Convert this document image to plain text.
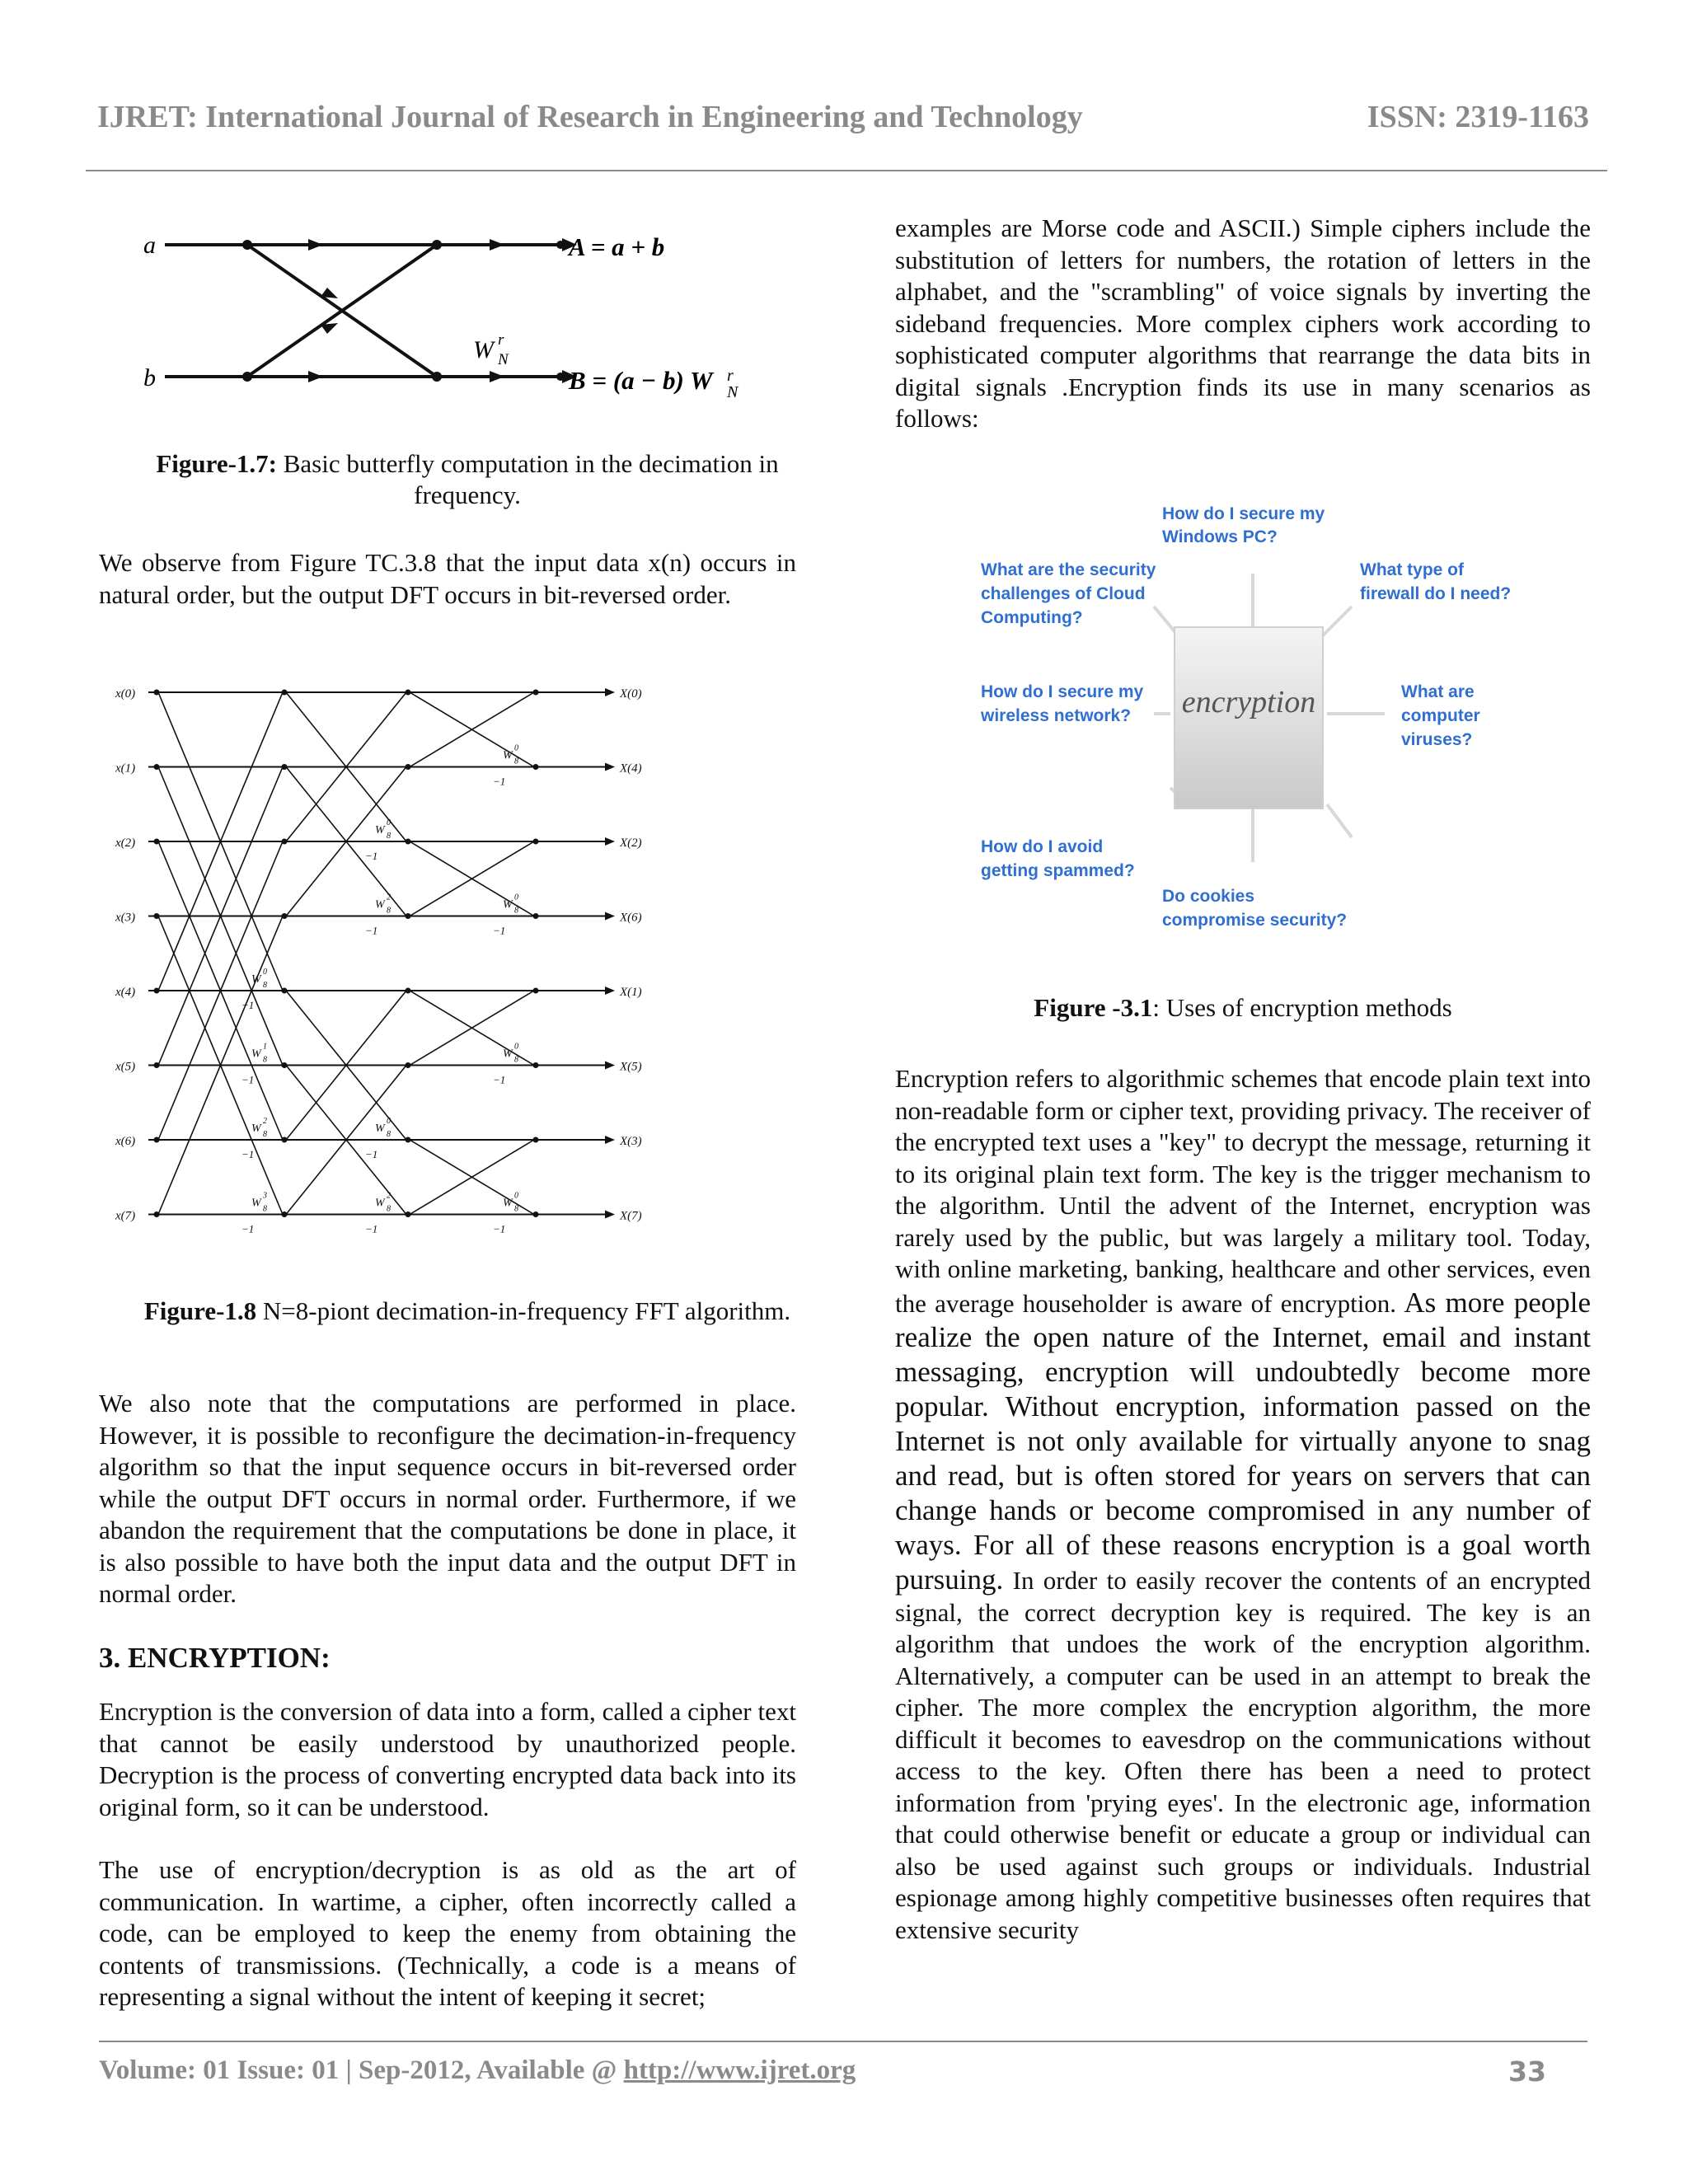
IJRET: International Journal of Research in Engineering and Technology	ISSN: 2319-1163
a
b
A = a + b
B = (a − b) W r
N
W r
N
Figure-1.7: Basic butterfly computation in the decimation in frequency.

We observe from Figure TC.3.8 that the input data x(n) occurs in natural order, but the output DFT occurs in bit-reversed order.

x(0)	X(0)
x(1)	X(4)
x(2)	X(2)
x(3)	X(6)
x(4)	X(1)
x(5)	X(5)
x(6)	X(3)
x(7)	X(7)
W
0
8
−1
W
1
8
−1
W
2
8
−1
W
3
8
−1
W
0
8
−1
W
2
8
−1
W
0
8
−1
W
2
8
−1
W
0
8
−1
W
0
8
−1
W
0
8
−1
W
0
8
−1
Figure-1.8 N=8-piont decimation-in-frequency FFT algorithm.

We also note that the computations are performed in place. However, it is possible to reconfigure the decimation-in-frequency algorithm so that the input sequence occurs in bit-reversed order while the output DFT occurs in normal order. Furthermore, if we abandon the requirement that the computations be done in place, it is also possible to have both the input data and the output DFT in normal order.

3. ENCRYPTION:

Encryption is the conversion of data into a form, called a cipher text that cannot be easily understood by unauthorized people. Decryption is the process of converting encrypted data back into its original form, so it can be understood.

The use of encryption/decryption is as old as the art of communication. In wartime, a cipher, often incorrectly called a code, can be employed to keep the enemy from obtaining the contents of transmissions. (Technically, a code is a means of representing a signal without the intent of keeping it secret;

examples are Morse code and ASCII.) Simple ciphers include the substitution of letters for numbers, the rotation of letters in the alphabet, and the "scrambling" of voice signals by inverting the sideband frequencies. More complex ciphers work according to sophisticated computer algorithms that rearrange the data bits in digital signals .Encryption finds its use in many scenarios as follows:

encryption
How do I secure my
Windows PC?
What are the security
challenges of Cloud
Computing?
What type of
firewall do I need?
How do I secure my
wireless network?
What are
computer
viruses?
How do I avoid
getting spammed?
Do cookies
compromise security?
Figure -3.1: Uses of encryption methods

Encryption refers to algorithmic schemes that encode plain text into non-readable form or cipher text, providing privacy. The receiver of the encrypted text uses a "key" to decrypt the message, returning it to its original plain text form. The key is the trigger mechanism to the algorithm. Until the advent of the Internet, encryption was rarely used by the public, but was largely a military tool. Today, with online marketing, banking, healthcare and other services, even the average householder is aware of encryption. As more people realize the open nature of the Internet, email and instant messaging, encryption will undoubtedly become more popular. Without encryption, information passed on the Internet is not only available for virtually anyone to snag and read, but is often stored for years on servers that can change hands or become compromised in any number of ways. For all of these reasons encryption is a goal worth pursuing. In order to easily recover the contents of an encrypted signal, the correct decryption key is required. The key is an algorithm that undoes the work of the encryption algorithm. Alternatively, a computer can be used in an attempt to break the cipher. The more complex the encryption algorithm, the more difficult it becomes to eavesdrop on the communications without access to the key. Often there has been a need to protect information from 'prying eyes'. In the electronic age, information that could otherwise benefit or educate a group or individual can also be used against such groups or individuals. Industrial espionage among highly competitive businesses often requires that extensive security

Volume: 01 Issue: 01 | Sep-2012, Available @ http://www.ijret.org	33
